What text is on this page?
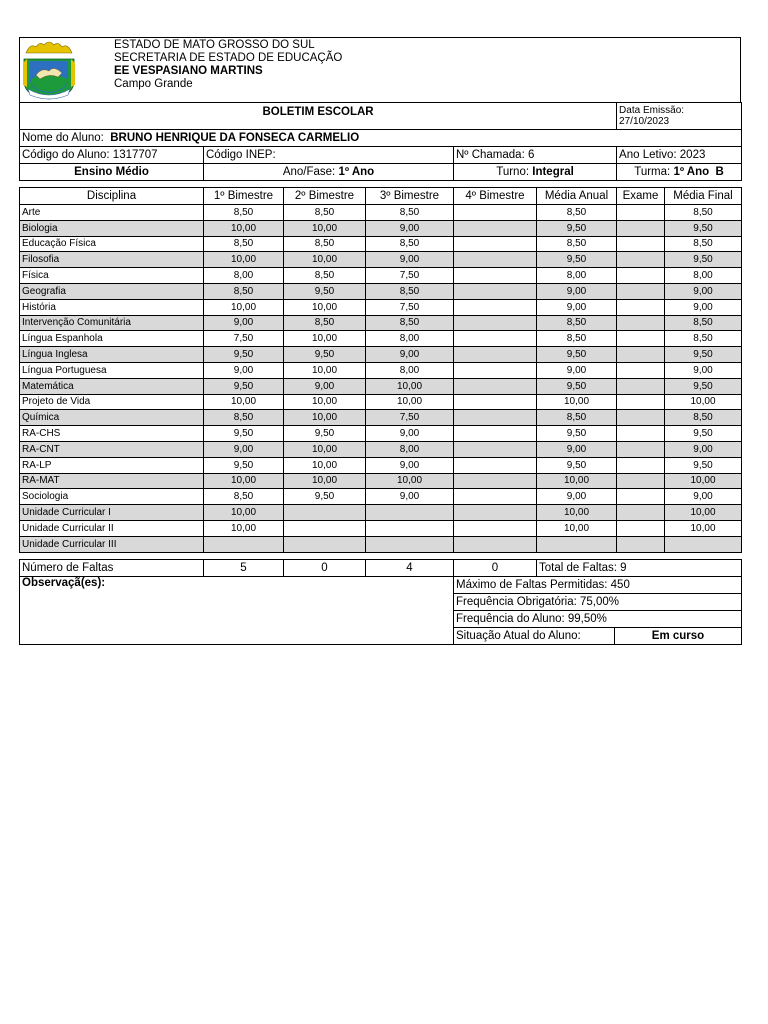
ESTADO DE MATO GROSSO DO SUL
SECRETARIA DE ESTADO DE EDUCAÇÃO
EE VESPASIANO MARTINS
Campo Grande
BOLETIM ESCOLAR			Data Emissão:
27/10/2023

Nome do Aluno: BRUNO HENRIQUE DA FONSECA CARMELIO			
Código do Aluno: 1317707	Código INEP:	Nº Chamada: 6	Ano Letivo: 2023
Ensino Médio	Ano/Fase: 1º Ano	Turno: Integral	Turma: 1º Ano  B
Disciplina	1º Bimestre	2º Bimestre	3º Bimestre	4º Bimestre	Média Anual	Exame	Média Final
Arte	8,50	8,50	8,50		8,50		8,50
Biologia	10,00	10,00	9,00		9,50		9,50
Educação Física	8,50	8,50	8,50		8,50		8,50
Filosofia	10,00	10,00	9,00		9,50		9,50
Física	8,00	8,50	7,50		8,00		8,00
Geografia	8,50	9,50	8,50		9,00		9,00
História	10,00	10,00	7,50		9,00		9,00
Intervenção Comunitária	9,00	8,50	8,50		8,50		8,50
Língua Espanhola	7,50	10,00	8,00		8,50		8,50
Língua Inglesa	9,50	9,50	9,00		9,50		9,50
Língua Portuguesa	9,00	10,00	8,00		9,00		9,00
Matemática	9,50	9,00	10,00		9,50		9,50
Projeto de Vida	10,00	10,00	10,00		10,00		10,00
Química	8,50	10,00	7,50		8,50		8,50
RA-CHS	9,50	9,50	9,00		9,50		9,50
RA-CNT	9,00	10,00	8,00		9,00		9,00
RA-LP	9,50	10,00	9,00		9,50		9,50
RA-MAT	10,00	10,00	10,00		10,00		10,00
Sociologia	8,50	9,50	9,00		9,00		9,00
Unidade Curricular I	10,00				10,00		10,00
Unidade Curricular II	10,00				10,00		10,00
Unidade Curricular III							
Número de Faltas	5	0	4	0	Total de Faltas: 9	
Observaçã(es):				Máximo de Faltas Permitidas: 450		
				Frequência Obrigatória: 75,00%		
				Frequência do Aluno: 99,50%		
				Situação Atual do Aluno:		Em curso
